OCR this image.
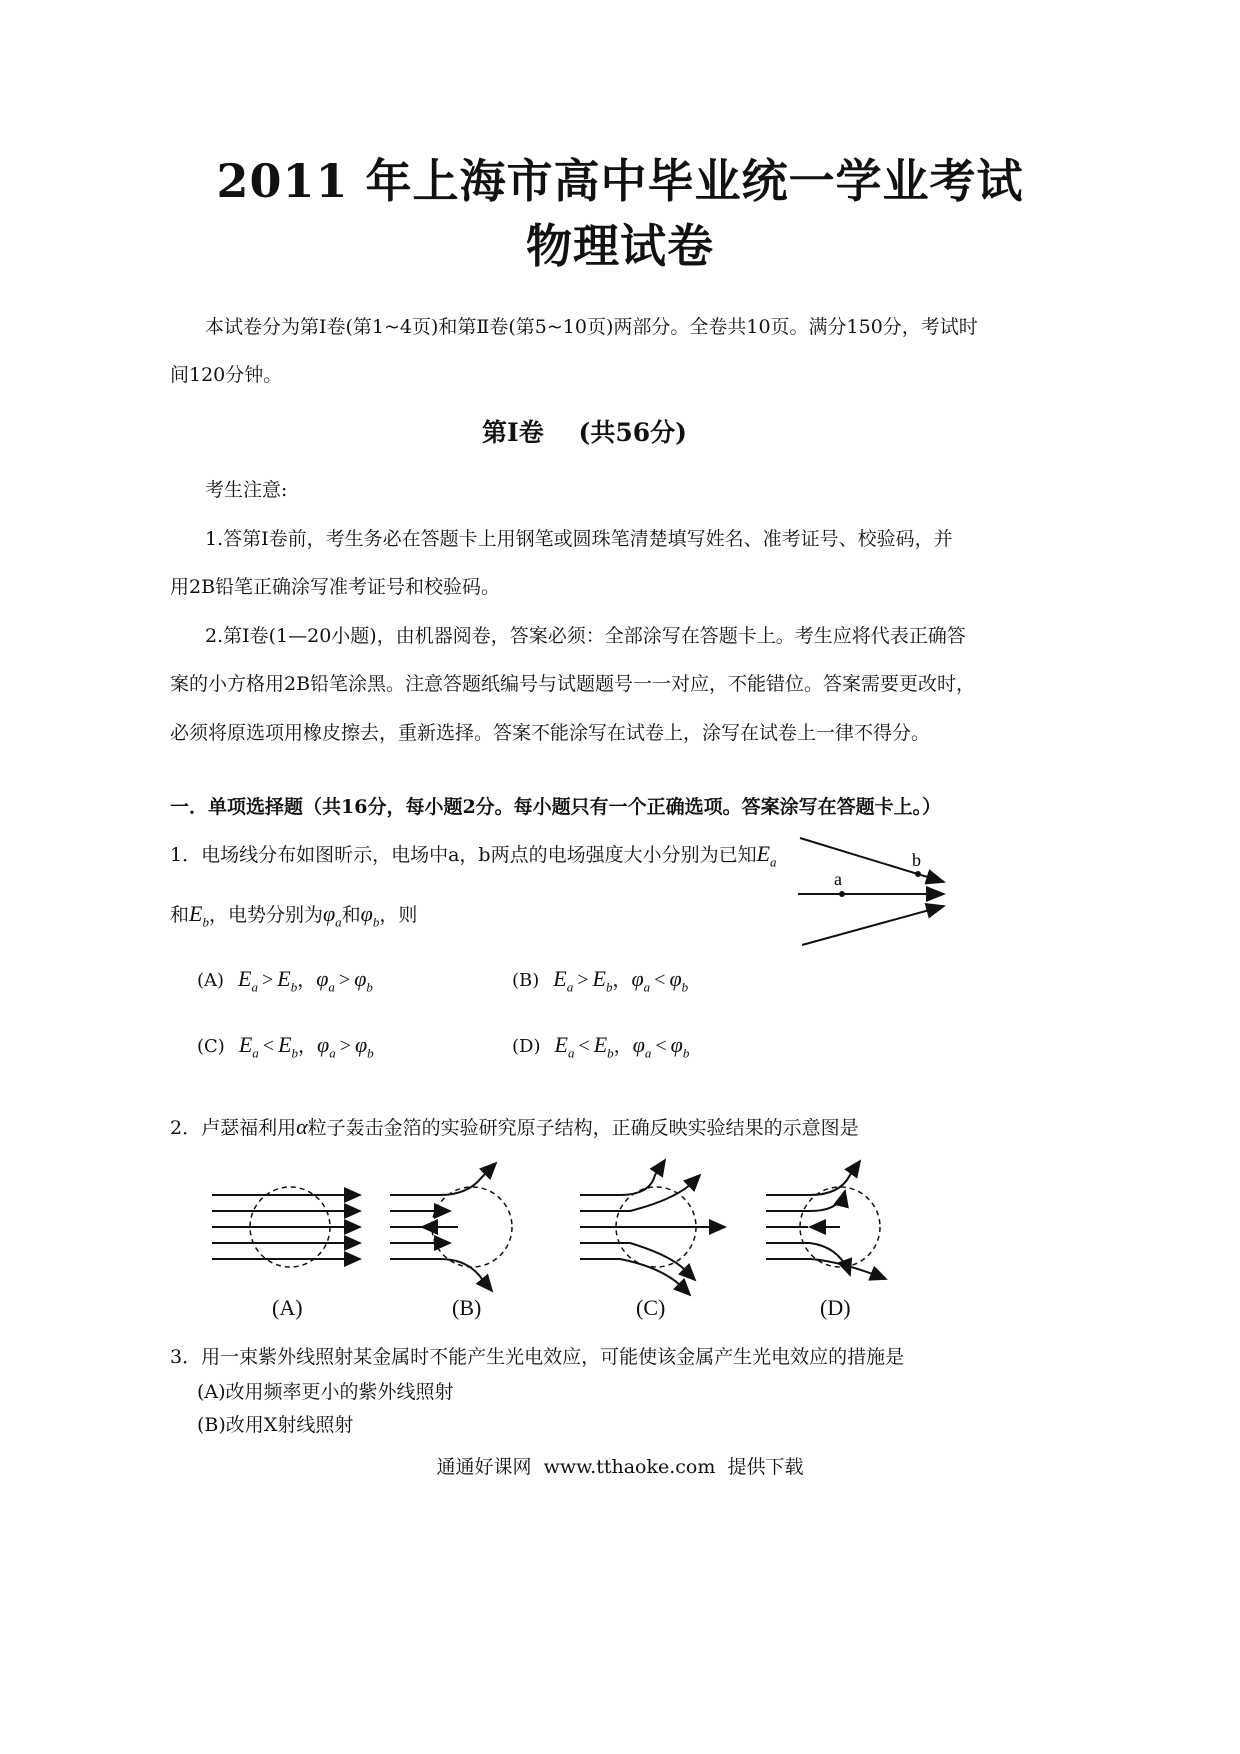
2011 年上海市高中毕业统一学业考试
物理试卷
本试卷分为第Ⅰ卷(第1~4页)和第Ⅱ卷(第5~10页)两部分。全卷共10页。满分150分，考试时
间120分钟。
第Ⅰ卷    (共56分)
考生注意:
1.答第Ⅰ卷前，考生务必在答题卡上用钢笔或圆珠笔清楚填写姓名、准考证号、校验码，并
用2B铅笔正确涂写准考证号和校验码。
2.第Ⅰ卷(1—20小题)，由机器阅卷，答案必须：全部涂写在答题卡上。考生应将代表正确答
案的小方格用2B铅笔涂黑。注意答题纸编号与试题题号一一对应，不能错位。答案需要更改时，
必须将原选项用橡皮擦去，重新选择。答案不能涂写在试卷上，涂写在试卷上一律不得分。
一．单项选择题（共16分，每小题2分。每小题只有一个正确选项。答案涂写在答题卡上。）
1．电场线分布如图昕示，电场中a，b两点的电场强度大小分别为已知$E_a$
和$E_b$，电势分别为$\varphi_a$和$\varphi_b$，则
a
b
(A) $E_a > E_b$，$\varphi_a > \varphi_b$	(B) $E_a > E_b$，$\varphi_a < \varphi_b$
(C) $E_a < E_b$，$\varphi_a > \varphi_b$	(D) $E_a < E_b$，$\varphi_a < \varphi_b$
2．卢瑟福利用α粒子轰击金箔的实验研究原子结构，正确反映实验结果的示意图是
(A)	(B)	(C)	(D)
3．用一束紫外线照射某金属时不能产生光电效应，可能使该金属产生光电效应的措施是
(A)改用频率更小的紫外线照射
(B)改用X射线照射
通通好课网  www.tthaoke.com  提供下载
